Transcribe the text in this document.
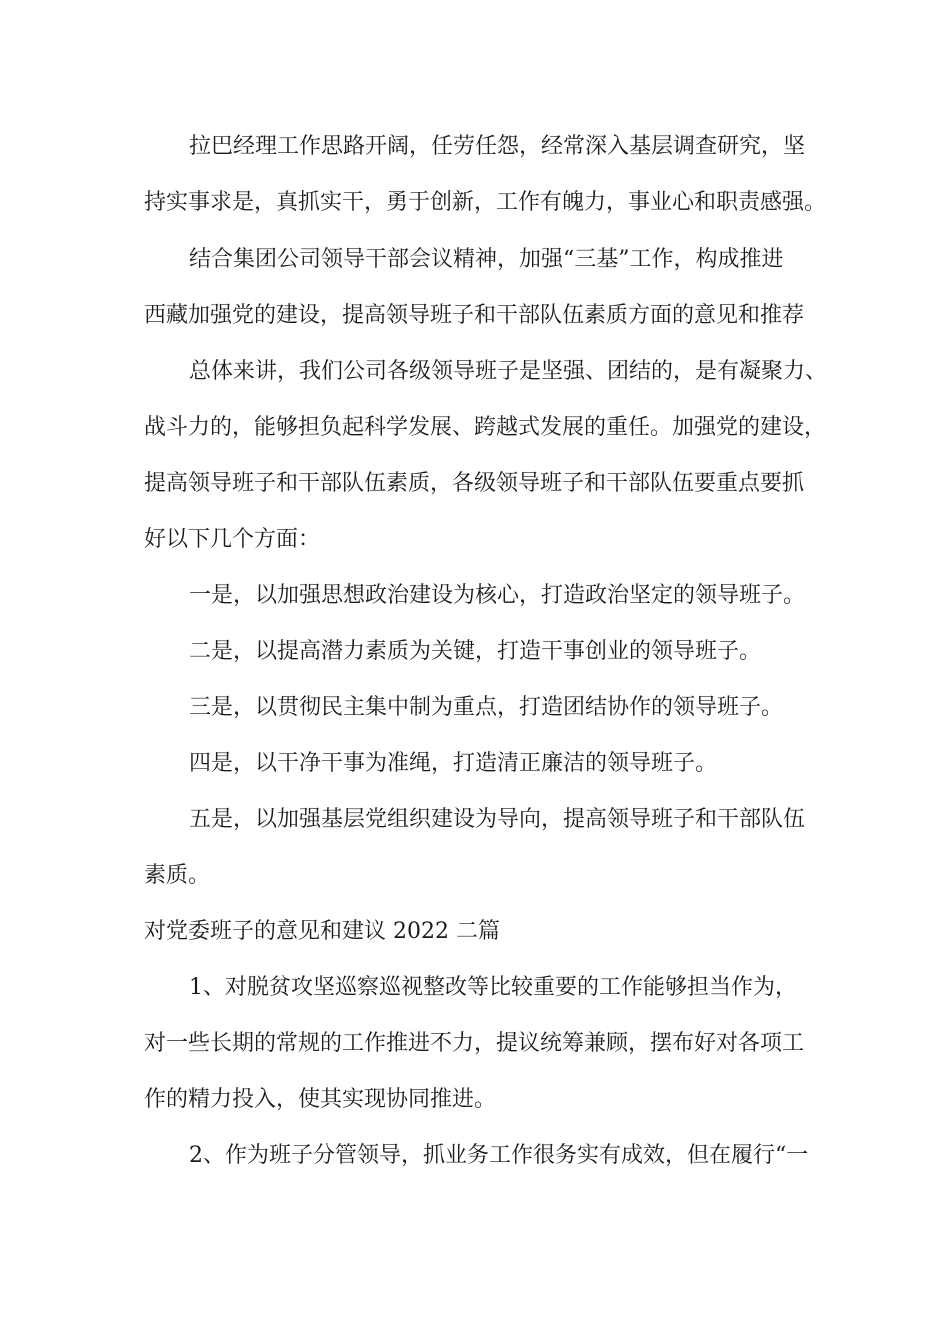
拉巴经理工作思路开阔，任劳任怨，经常深入基层调查研究，坚
持实事求是，真抓实干，勇于创新，工作有魄力，事业心和职责感强。
结合集团公司领导干部会议精神，加强“三基”工作，构成推进
西藏加强党的建设，提高领导班子和干部队伍素质方面的意见和推荐
总体来讲，我们公司各级领导班子是坚强、团结的，是有凝聚力、
战斗力的，能够担负起科学发展、跨越式发展的重任。加强党的建设，
提高领导班子和干部队伍素质，各级领导班子和干部队伍要重点要抓
好以下几个方面：
一是，以加强思想政治建设为核心，打造政治坚定的领导班子。
二是，以提高潜力素质为关键，打造干事创业的领导班子。
三是，以贯彻民主集中制为重点，打造团结协作的领导班子。
四是，以干净干事为准绳，打造清正廉洁的领导班子。
五是，以加强基层党组织建设为导向，提高领导班子和干部队伍
素质。
对党委班子的意见和建议 2022 二篇
1、对脱贫攻坚巡察巡视整改等比较重要的工作能够担当作为，
对一些长期的常规的工作推进不力，提议统筹兼顾，摆布好对各项工
作的精力投入，使其实现协同推进。
2、作为班子分管领导，抓业务工作很务实有成效，但在履行“一
